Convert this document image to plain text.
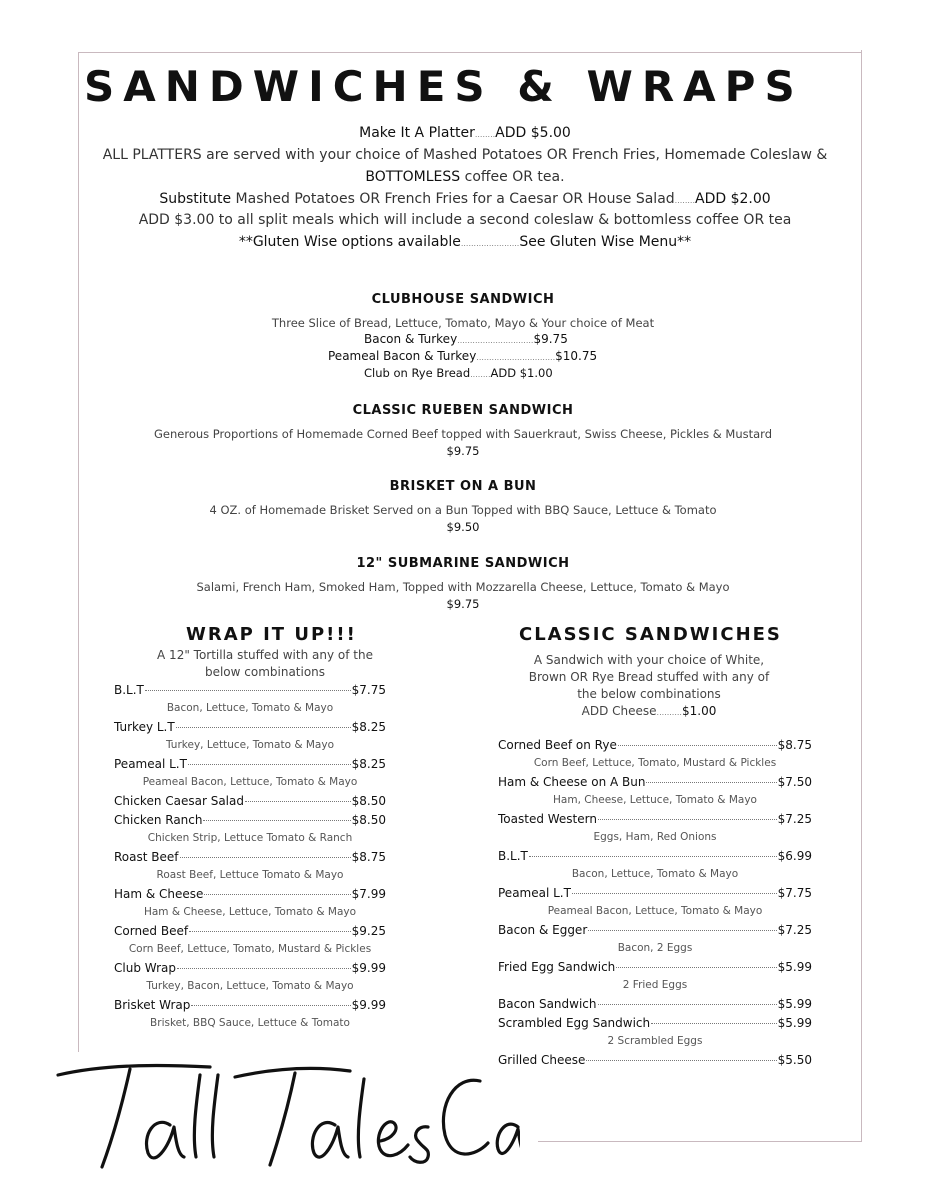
SANDWICHES & WRAPS
Make It A Platter........ADD $5.00
ALL PLATTERS are served with your choice of Mashed Potatoes OR French Fries, Homemade Coleslaw &
BOTTOMLESS coffee OR tea.
Substitute Mashed Potatoes OR French Fries for a Caesar OR House Salad........ADD $2.00
ADD $3.00 to all split meals which will include a second coleslaw & bottomless coffee OR tea
**Gluten Wise options available.......................See Gluten Wise Menu**
CLUBHOUSE SANDWICH
Three Slice of Bread, Lettuce, Tomato, Mayo & Your choice of Meat
Bacon & Turkey..............................$9.75
Peameal Bacon & Turkey...............................$10.75
Club on Rye Bread........ADD $1.00
CLASSIC RUEBEN SANDWICH
Generous Proportions of Homemade Corned Beef topped with Sauerkraut, Swiss Cheese, Pickles & Mustard
$9.75
BRISKET ON A BUN
4 OZ. of Homemade Brisket Served on a Bun Topped with BBQ Sauce, Lettuce & Tomato
$9.50
12" SUBMARINE SANDWICH
Salami, French Ham, Smoked Ham, Topped with Mozzarella Cheese, Lettuce, Tomato & Mayo
$9.75
WRAP IT UP!!!
A 12" Tortilla stuffed with any of the
below combinations
B.L.T	$7.75
Bacon, Lettuce, Tomato & Mayo
Turkey L.T	$8.25
Turkey, Lettuce, Tomato & Mayo
Peameal L.T	$8.25
Peameal Bacon, Lettuce, Tomato & Mayo
Chicken Caesar Salad	$8.50
Chicken Ranch	$8.50
Chicken Strip, Lettuce Tomato & Ranch
Roast Beef	$8.75
Roast Beef, Lettuce Tomato & Mayo
Ham & Cheese	$7.99
Ham & Cheese, Lettuce, Tomato & Mayo
Corned Beef	$9.25
Corn Beef, Lettuce, Tomato, Mustard & Pickles
Club Wrap	$9.99
Turkey, Bacon, Lettuce, Tomato & Mayo
Brisket Wrap	$9.99
Brisket, BBQ Sauce, Lettuce & Tomato
CLASSIC SANDWICHES
A Sandwich with your choice of White,
Brown OR Rye Bread stuffed with any of
the below combinations
ADD Cheese..........$1.00
Corned Beef on Rye	$8.75
Corn Beef, Lettuce, Tomato, Mustard & Pickles
Ham & Cheese on A Bun	$7.50
Ham, Cheese, Lettuce, Tomato & Mayo
Toasted Western	$7.25
Eggs, Ham, Red Onions
B.L.T	$6.99
Bacon, Lettuce, Tomato & Mayo
Peameal L.T	$7.75
Peameal Bacon, Lettuce, Tomato & Mayo
Bacon & Egger	$7.25
Bacon, 2 Eggs
Fried Egg Sandwich	$5.99
2 Fried Eggs
Bacon Sandwich	$5.99
Scrambled Egg Sandwich	$5.99
2 Scrambled Eggs
Grilled Cheese	$5.50
